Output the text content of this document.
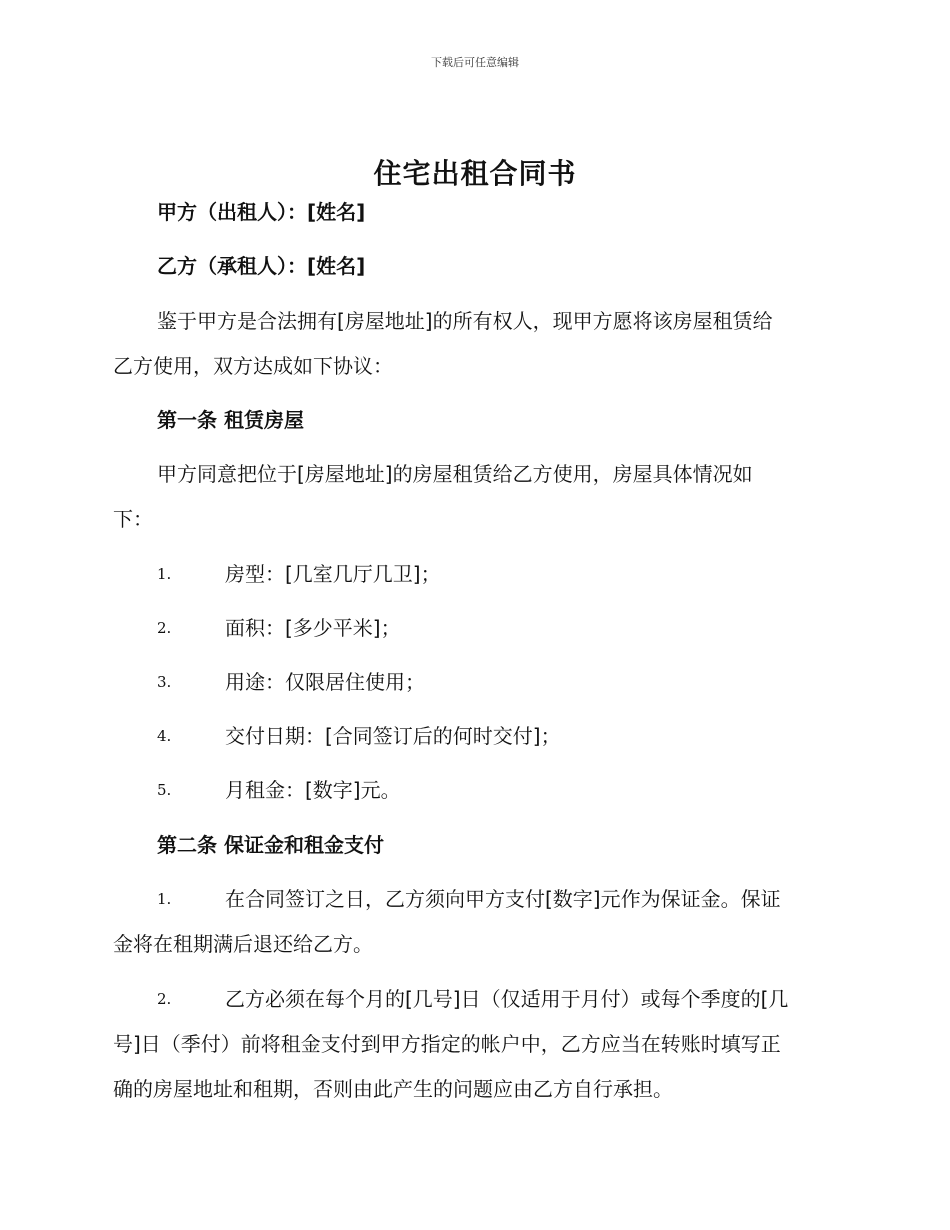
下载后可任意编辑
住宅出租合同书
甲方（出租人）：[姓名]
乙方（承租人）：[姓名]
鉴于甲方是合法拥有[房屋地址]的所有权人，现甲方愿将该房屋租赁给
乙方使用，双方达成如下协议：
第一条 租赁房屋
甲方同意把位于[房屋地址]的房屋租赁给乙方使用，房屋具体情况如
下：
1.	房型：[几室几厅几卫]；
2.	面积：[多少平米]；
3.	用途：仅限居住使用；
4.	交付日期：[合同签订后的何时交付]；
5.	月租金：[数字]元。
第二条 保证金和租金支付
1.	在合同签订之日，乙方须向甲方支付[数字]元作为保证金。保证
金将在租期满后退还给乙方。
2.	乙方必须在每个月的[几号]日（仅适用于月付）或每个季度的[几
号]日（季付）前将租金支付到甲方指定的帐户中，乙方应当在转账时填写正
确的房屋地址和租期，否则由此产生的问题应由乙方自行承担。
